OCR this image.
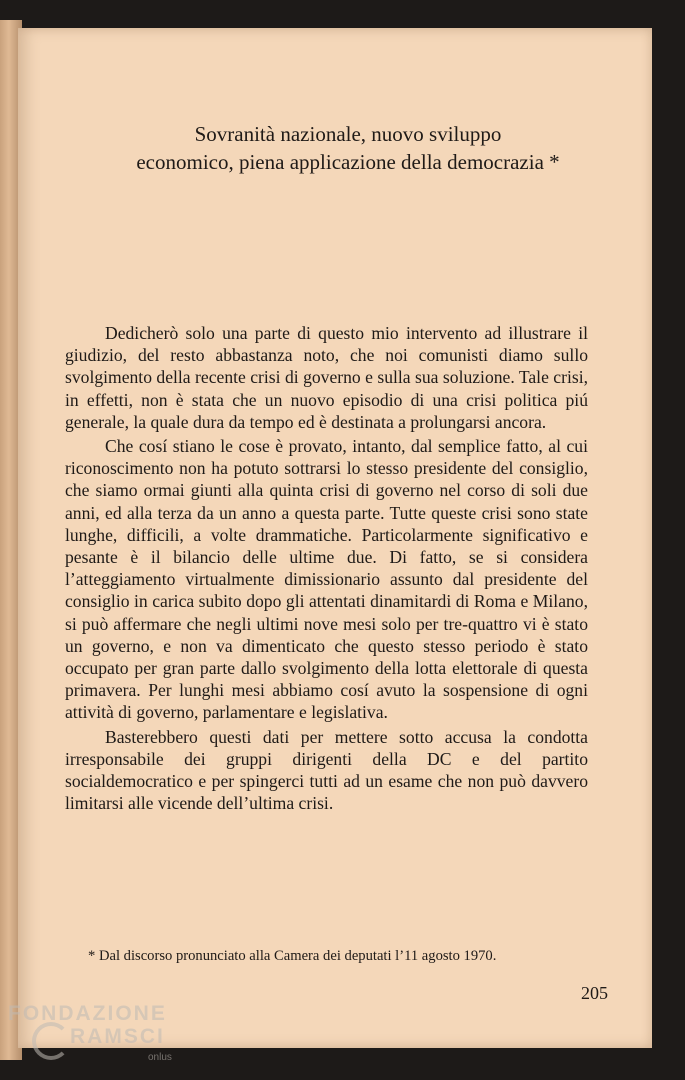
Sovranità nazionale, nuovo sviluppo
economico, piena applicazione della democrazia *

Dedicherò solo una parte di questo mio intervento ad illustrare il giudizio, del resto abbastanza noto, che noi comunisti diamo sullo svolgimento della recente crisi di governo e sulla sua soluzione. Tale crisi, in effetti, non è stata che un nuovo episodio di una crisi politica piú generale, la quale dura da tempo ed è destinata a prolungarsi ancora.

Che cosí stiano le cose è provato, intanto, dal semplice fatto, al cui riconoscimento non ha potuto sottrarsi lo stesso presidente del consiglio, che siamo ormai giunti alla quinta crisi di governo nel corso di soli due anni, ed alla terza da un anno a questa parte. Tutte queste crisi sono state lunghe, difficili, a volte drammatiche. Particolarmente significativo e pesante è il bilancio delle ultime due. Di fatto, se si considera l’atteggiamento virtualmente dimissionario assunto dal presidente del consiglio in carica subito dopo gli attentati dinamitardi di Roma e Milano, si può affermare che negli ultimi nove mesi solo per tre-quattro vi è stato un governo, e non va dimenticato che questo stesso periodo è stato occupato per gran parte dallo svolgimento della lotta elettorale di questa primavera. Per lunghi mesi abbiamo cosí avuto la sospensione di ogni attività di governo, parlamentare e legislativa.

Basterebbero questi dati per mettere sotto accusa la condotta irresponsabile dei gruppi dirigenti della DC e del partito socialdemocratico e per spingerci tutti ad un esame che non può davvero limitarsi alle vicende dell’ultima crisi.

* Dal discorso pronunciato alla Camera dei deputati l’11 agosto 1970.
205
FONDAZIONE
RAMSCI
onlus
